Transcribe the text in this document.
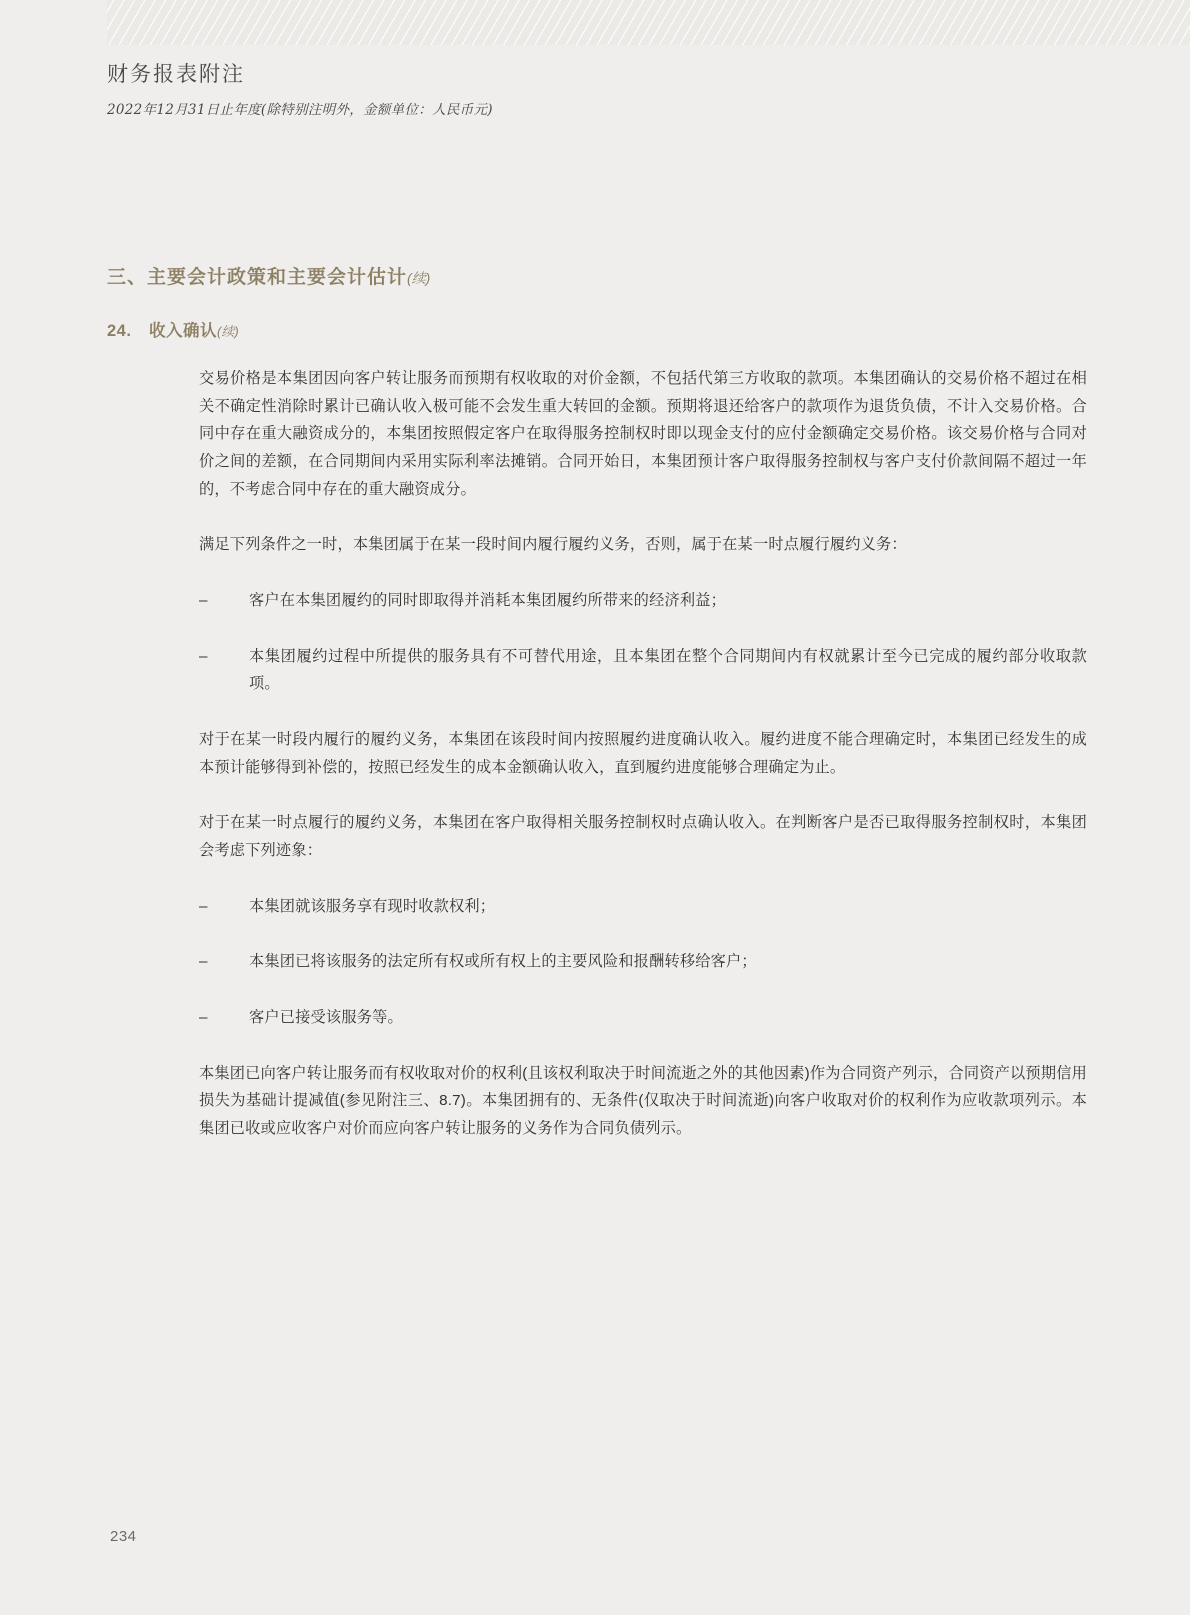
财务报表附注

2022年12月31日止年度(除特别注明外，金额单位：人民币元)

三、主要会计政策和主要会计估计(续)
24. 收入确认(续)

交易价格是本集团因向客户转让服务而预期有权收取的对价金额，不包括代第三方收取的款项。本集团确认的交易价格不超过在相关不确定性消除时累计已确认收入极可能不会发生重大转回的金额。预期将退还给客户的款项作为退货负债，不计入交易价格。合同中存在重大融资成分的，本集团按照假定客户在取得服务控制权时即以现金支付的应付金额确定交易价格。该交易价格与合同对价之间的差额，在合同期间内采用实际利率法摊销。合同开始日，本集团预计客户取得服务控制权与客户支付价款间隔不超过一年的，不考虑合同中存在的重大融资成分。

满足下列条件之一时，本集团属于在某一段时间内履行履约义务，否则，属于在某一时点履行履约义务：

–	客户在本集团履约的同时即取得并消耗本集团履约所带来的经济利益；
–	本集团履约过程中所提供的服务具有不可替代用途，且本集团在整个合同期间内有权就累计至今已完成的履约部分收取款项。

对于在某一时段内履行的履约义务，本集团在该段时间内按照履约进度确认收入。履约进度不能合理确定时，本集团已经发生的成本预计能够得到补偿的，按照已经发生的成本金额确认收入，直到履约进度能够合理确定为止。

对于在某一时点履行的履约义务，本集团在客户取得相关服务控制权时点确认收入。在判断客户是否已取得服务控制权时，本集团会考虑下列迹象：

–	本集团就该服务享有现时收款权利；
–	本集团已将该服务的法定所有权或所有权上的主要风险和报酬转移给客户；
–	客户已接受该服务等。

本集团已向客户转让服务而有权收取对价的权利(且该权利取决于时间流逝之外的其他因素)作为合同资产列示，合同资产以预期信用损失为基础计提减值(参见附注三、8.7)。本集团拥有的、无条件(仅取决于时间流逝)向客户收取对价的权利作为应收款项列示。本集团已收或应收客户对价而应向客户转让服务的义务作为合同负债列示。

234
